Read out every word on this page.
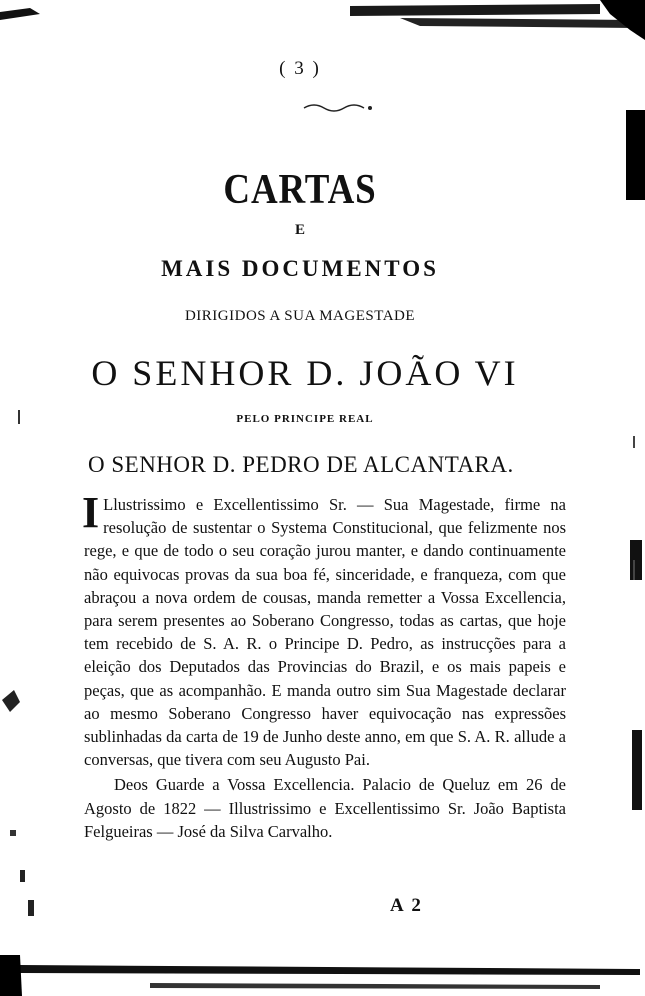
( 3 )
CARTAS
E
MAIS DOCUMENTOS
DIRIGIDOS A SUA MAGESTADE
O SENHOR D. JOÃO VI
PELO PRINCIPE REAL
O SENHOR D. PEDRO DE ALCANTARA.

I Llustrissimo e Excellentissimo Sr. — Sua Magestade, firme na resolução de sustentar o Systema Constitucional, que felizmente nos rege, e que de todo o seu coração jurou manter, e dando continuamente não equivocas provas da sua boa fé, sinceridade, e franqueza, com que abraçou a nova ordem de cousas, manda remetter a Vossa Excellencia, para serem presentes ao Soberano Congresso, todas as cartas, que hoje tem recebido de S. A. R. o Principe D. Pedro, as instrucções para a eleição dos Deputados das Provincias do Brazil, e os mais papeis e peças, que as acompanhão. E manda outro sim Sua Magestade declarar ao mesmo Soberano Congresso haver equivocação nas expressões sublinhadas da carta de 19 de Junho deste anno, em que S. A. R. allude a conversas, que tivera com seu Augusto Pai.

Deos Guarde a Vossa Excellencia. Palacio de Queluz em 26 de Agosto de 1822 — Illustrissimo e Excellentissimo Sr. João Baptista Felgueiras — José da Silva Carvalho.

A 2
